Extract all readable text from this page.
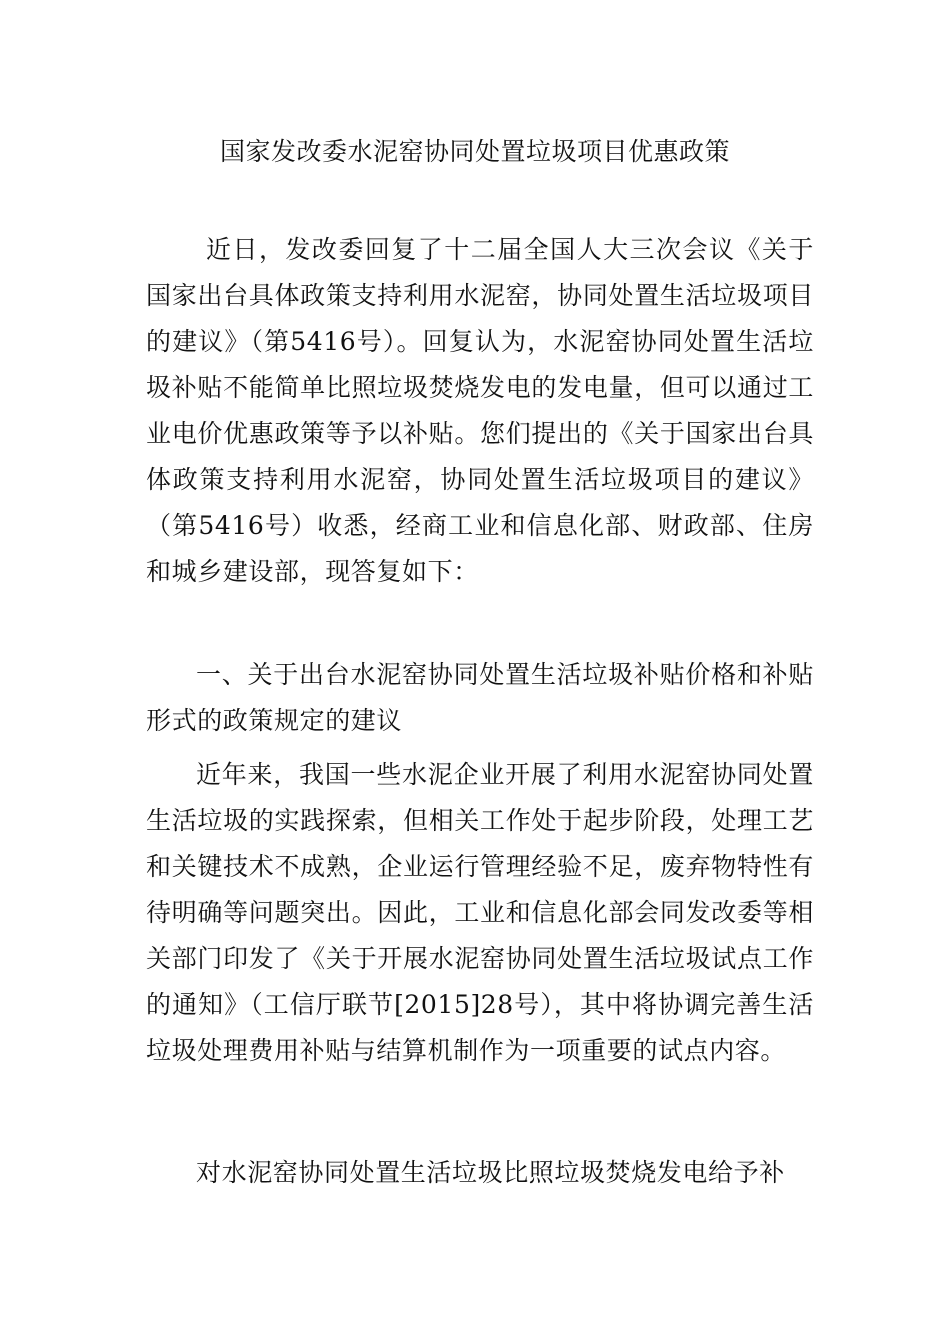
国家发改委水泥窑协同处置垃圾项目优惠政策
近日，发改委回复了十二届全国人大三次会议《关于国家出台具体政策支持利用水泥窑，协同处置生活垃圾项目的建议》（第5416号）。回复认为，水泥窑协同处置生活垃圾补贴不能简单比照垃圾焚烧发电的发电量，但可以通过工业电价优惠政策等予以补贴。您们提出的《关于国家出台具体政策支持利用水泥窑，协同处置生活垃圾项目的建议》（第5416号）收悉，经商工业和信息化部、财政部、住房和城乡建设部，现答复如下：
一、关于出台水泥窑协同处置生活垃圾补贴价格和补贴形式的政策规定的建议
近年来，我国一些水泥企业开展了利用水泥窑协同处置生活垃圾的实践探索，但相关工作处于起步阶段，处理工艺和关键技术不成熟，企业运行管理经验不足，废弃物特性有待明确等问题突出。因此，工业和信息化部会同发改委等相关部门印发了《关于开展水泥窑协同处置生活垃圾试点工作的通知》（工信厅联节[2015]28号），其中将协调完善生活垃圾处理费用补贴与结算机制作为一项重要的试点内容。
对水泥窑协同处置生活垃圾比照垃圾焚烧发电给予补
